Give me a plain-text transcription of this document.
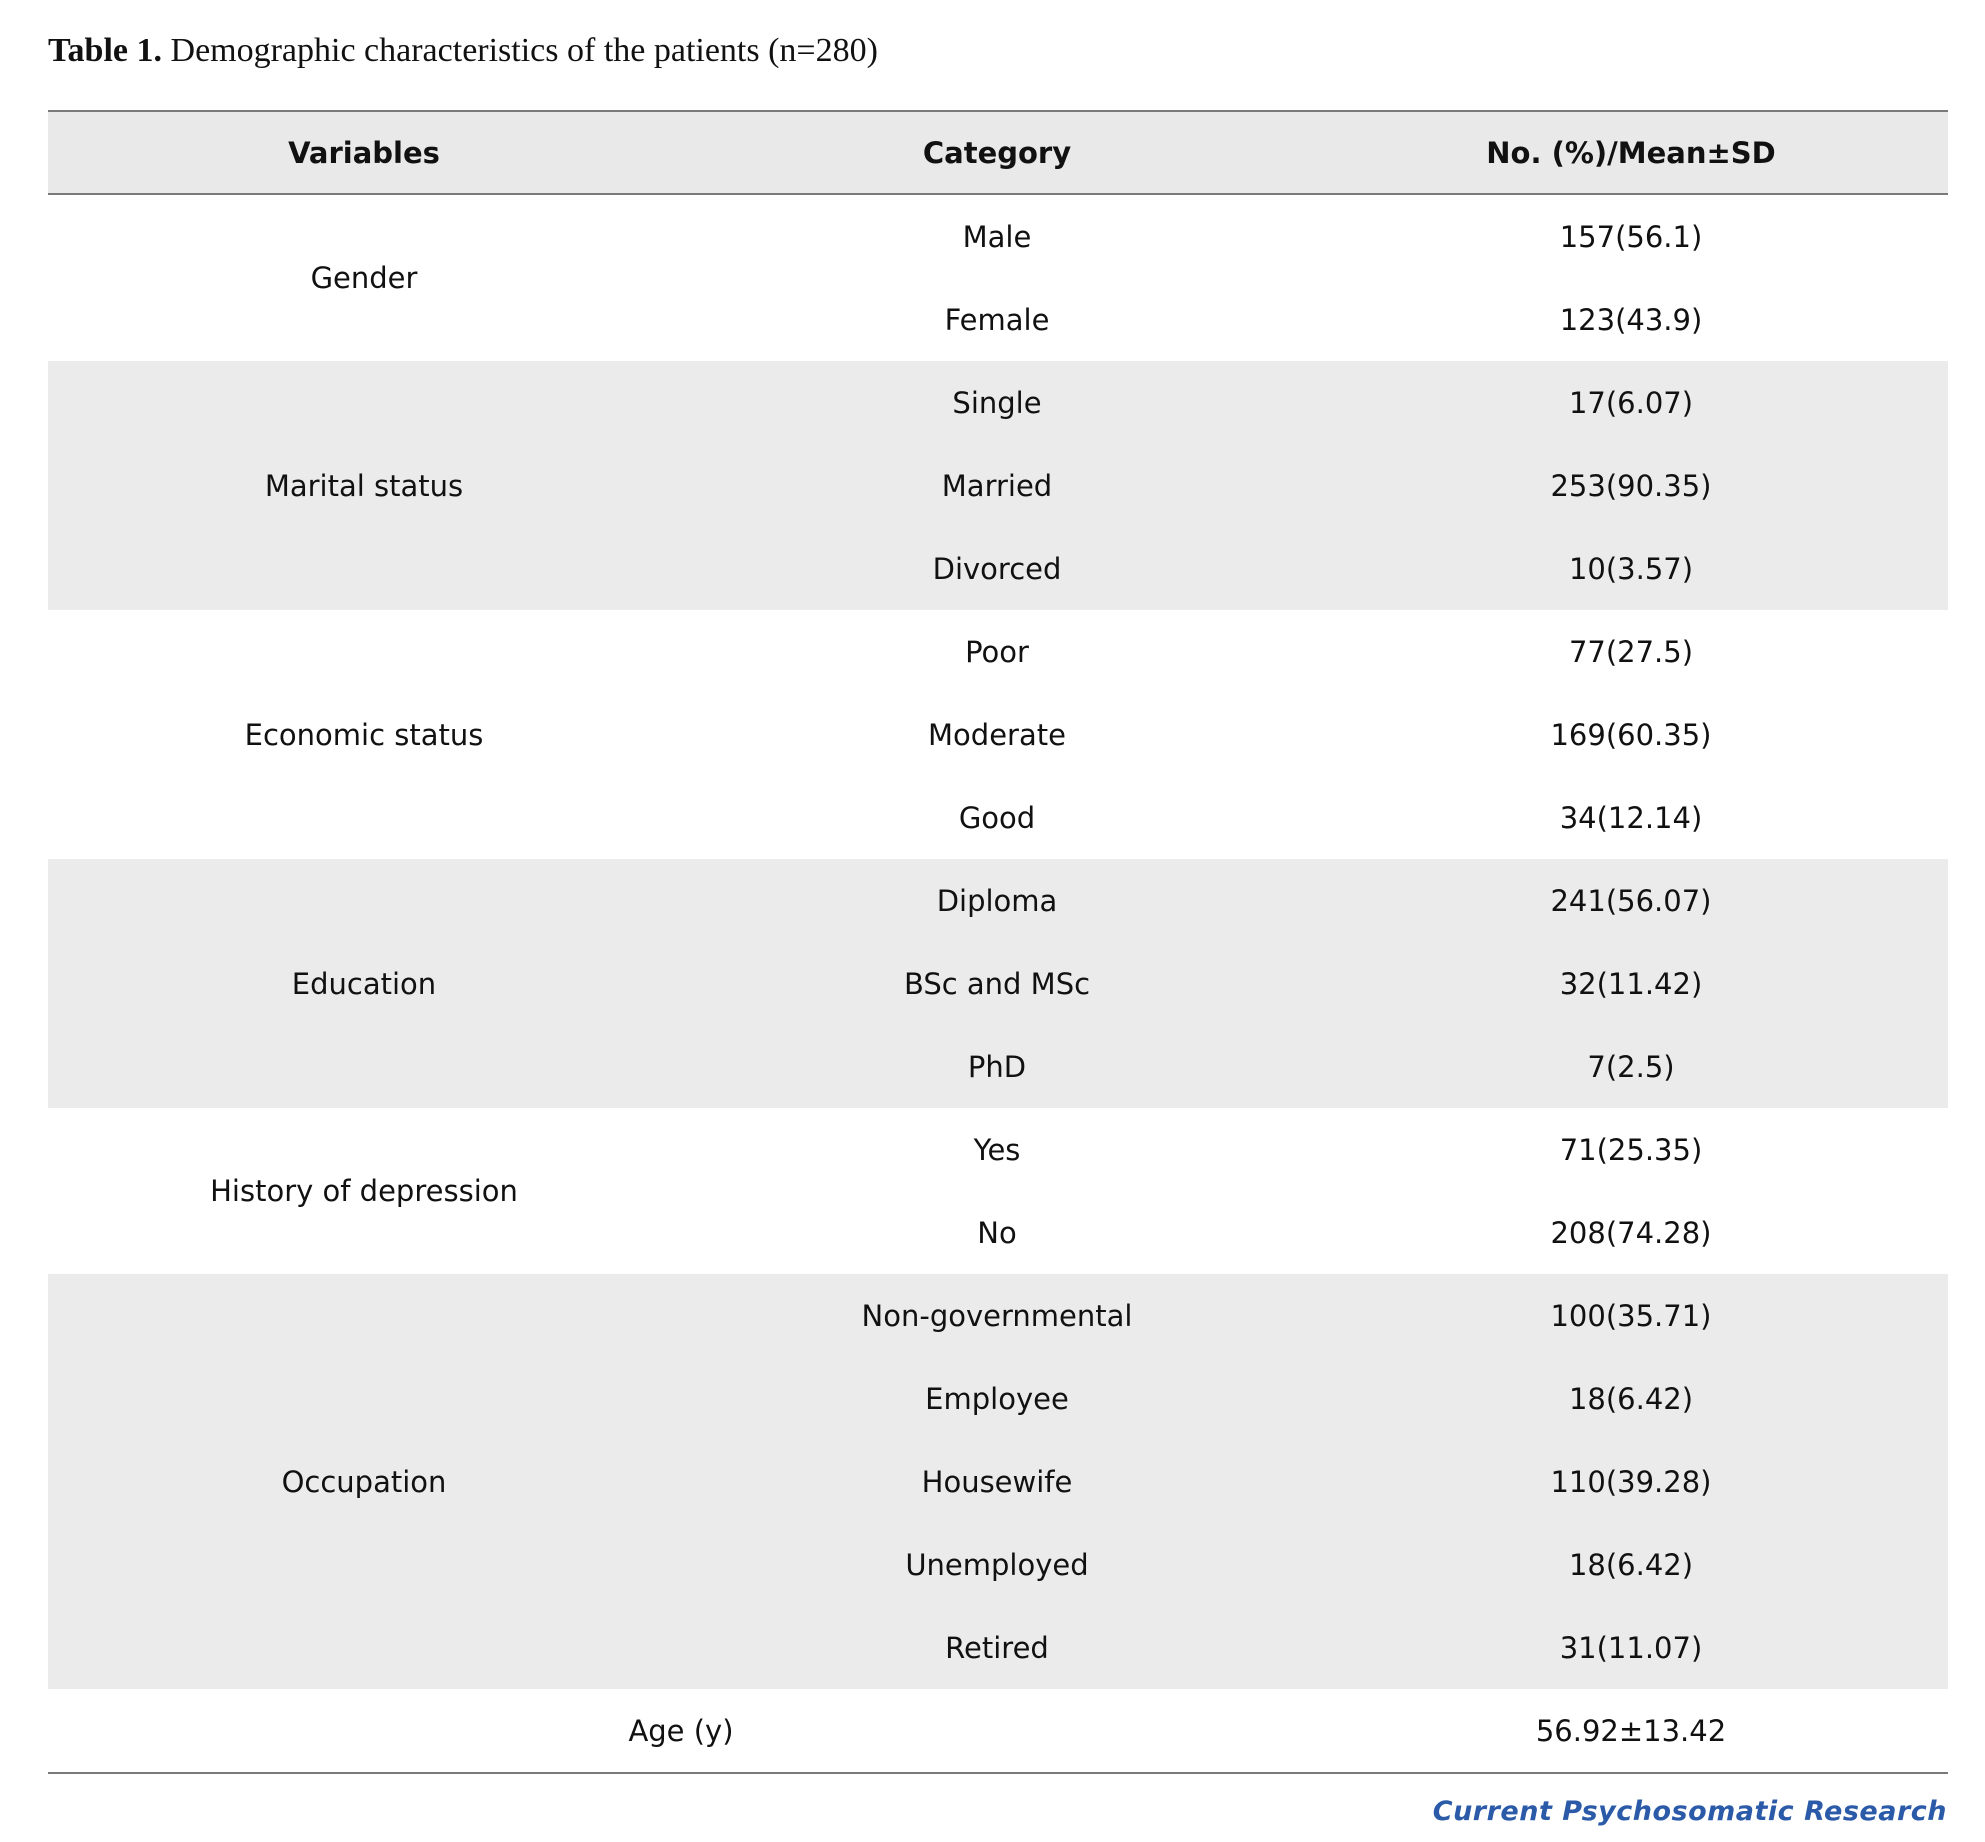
Table 1. Demographic characteristics of the patients (n=280)
Variables	Category	No. (%)/Mean±SD
Gender	Male	157(56.1)
	Female	123(43.9)
Marital status	Single	17(6.07)
	Married	253(90.35)
	Divorced	10(3.57)
Economic status	Poor	77(27.5)
	Moderate	169(60.35)
	Good	34(12.14)
Education	Diploma	241(56.07)
	BSc and MSc	32(11.42)
	PhD	7(2.5)
History of depression	Yes	71(25.35)
	No	208(74.28)
Occupation	Non-governmental	100(35.71)
	Employee	18(6.42)
	Housewife	110(39.28)
	Unemployed	18(6.42)
	Retired	31(11.07)
Age (y)		56.92±13.42
Current Psychosomatic Research
